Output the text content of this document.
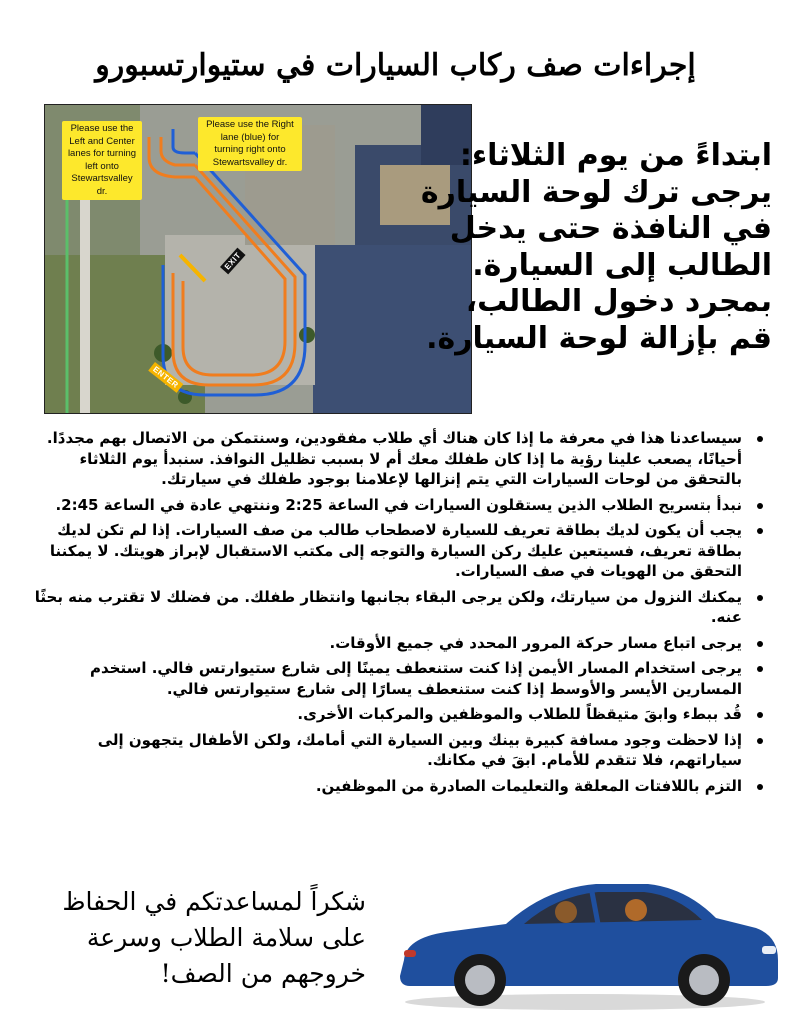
إجراءات صف ركاب السيارات في ستيوارتسبورو
Please use the
Left and Center
lanes for turning
left onto
Stewartsvalley dr.
Please use the Right
lane (blue) for
turning right onto
Stewartsvalley dr.
EXIT
ENTER

ابتداءً من يوم الثلاثاء:

يرجى ترك لوحة السيارة

في النافذة حتى يدخل

الطالب إلى السيارة.

بمجرد دخول الطالب،

قم بإزالة لوحة السيارة.

سيساعدنا هذا في معرفة ما إذا كان هناك أي طلاب مفقودين، وسنتمكن من الاتصال بهم مجددًا. أحيانًا، يصعب علينا رؤية ما إذا كان طفلك معك أم لا بسبب تظليل النوافذ. سنبدأ يوم الثلاثاء بالتحقق من لوحات السيارات التي يتم إنزالها لإعلامنا بوجود طفلك في سيارتك.
نبدأ بتسريح الطلاب الذين يستقلون السيارات في الساعة 2:25 وننتهي عادة في الساعة 2:45.
يجب أن يكون لديك بطاقة تعريف للسيارة لاصطحاب طالب من صف السيارات. إذا لم تكن لديك بطاقة تعريف، فسيتعين عليك ركن السيارة والتوجه إلى مكتب الاستقبال لإبراز هويتك. لا يمكننا التحقق من الهويات في صف السيارات.
يمكنك النزول من سيارتك، ولكن يرجى البقاء بجانبها وانتظار طفلك. من فضلك لا تقترب منه بحثًا عنه.
يرجى اتباع مسار حركة المرور المحدد في جميع الأوقات.
يرجى استخدام المسار الأيمن إذا كنت ستنعطف يمينًا إلى شارع ستيوارتس فالي. استخدم المسارين الأيسر والأوسط إذا كنت ستنعطف يسارًا إلى شارع ستيوارتس فالي.
قُد ببطء وابقَ متيقظاً للطلاب والموظفين والمركبات الأخرى.
إذا لاحظت وجود مسافة كبيرة بينك وبين السيارة التي أمامك، ولكن الأطفال يتجهون إلى سياراتهم، فلا تتقدم للأمام. ابقَ في مكانك.
التزم باللافتات المعلقة والتعليمات الصادرة من الموظفين.

شكراً لمساعدتكم في الحفاظ

على سلامة الطلاب وسرعة

خروجهم من الصف!
